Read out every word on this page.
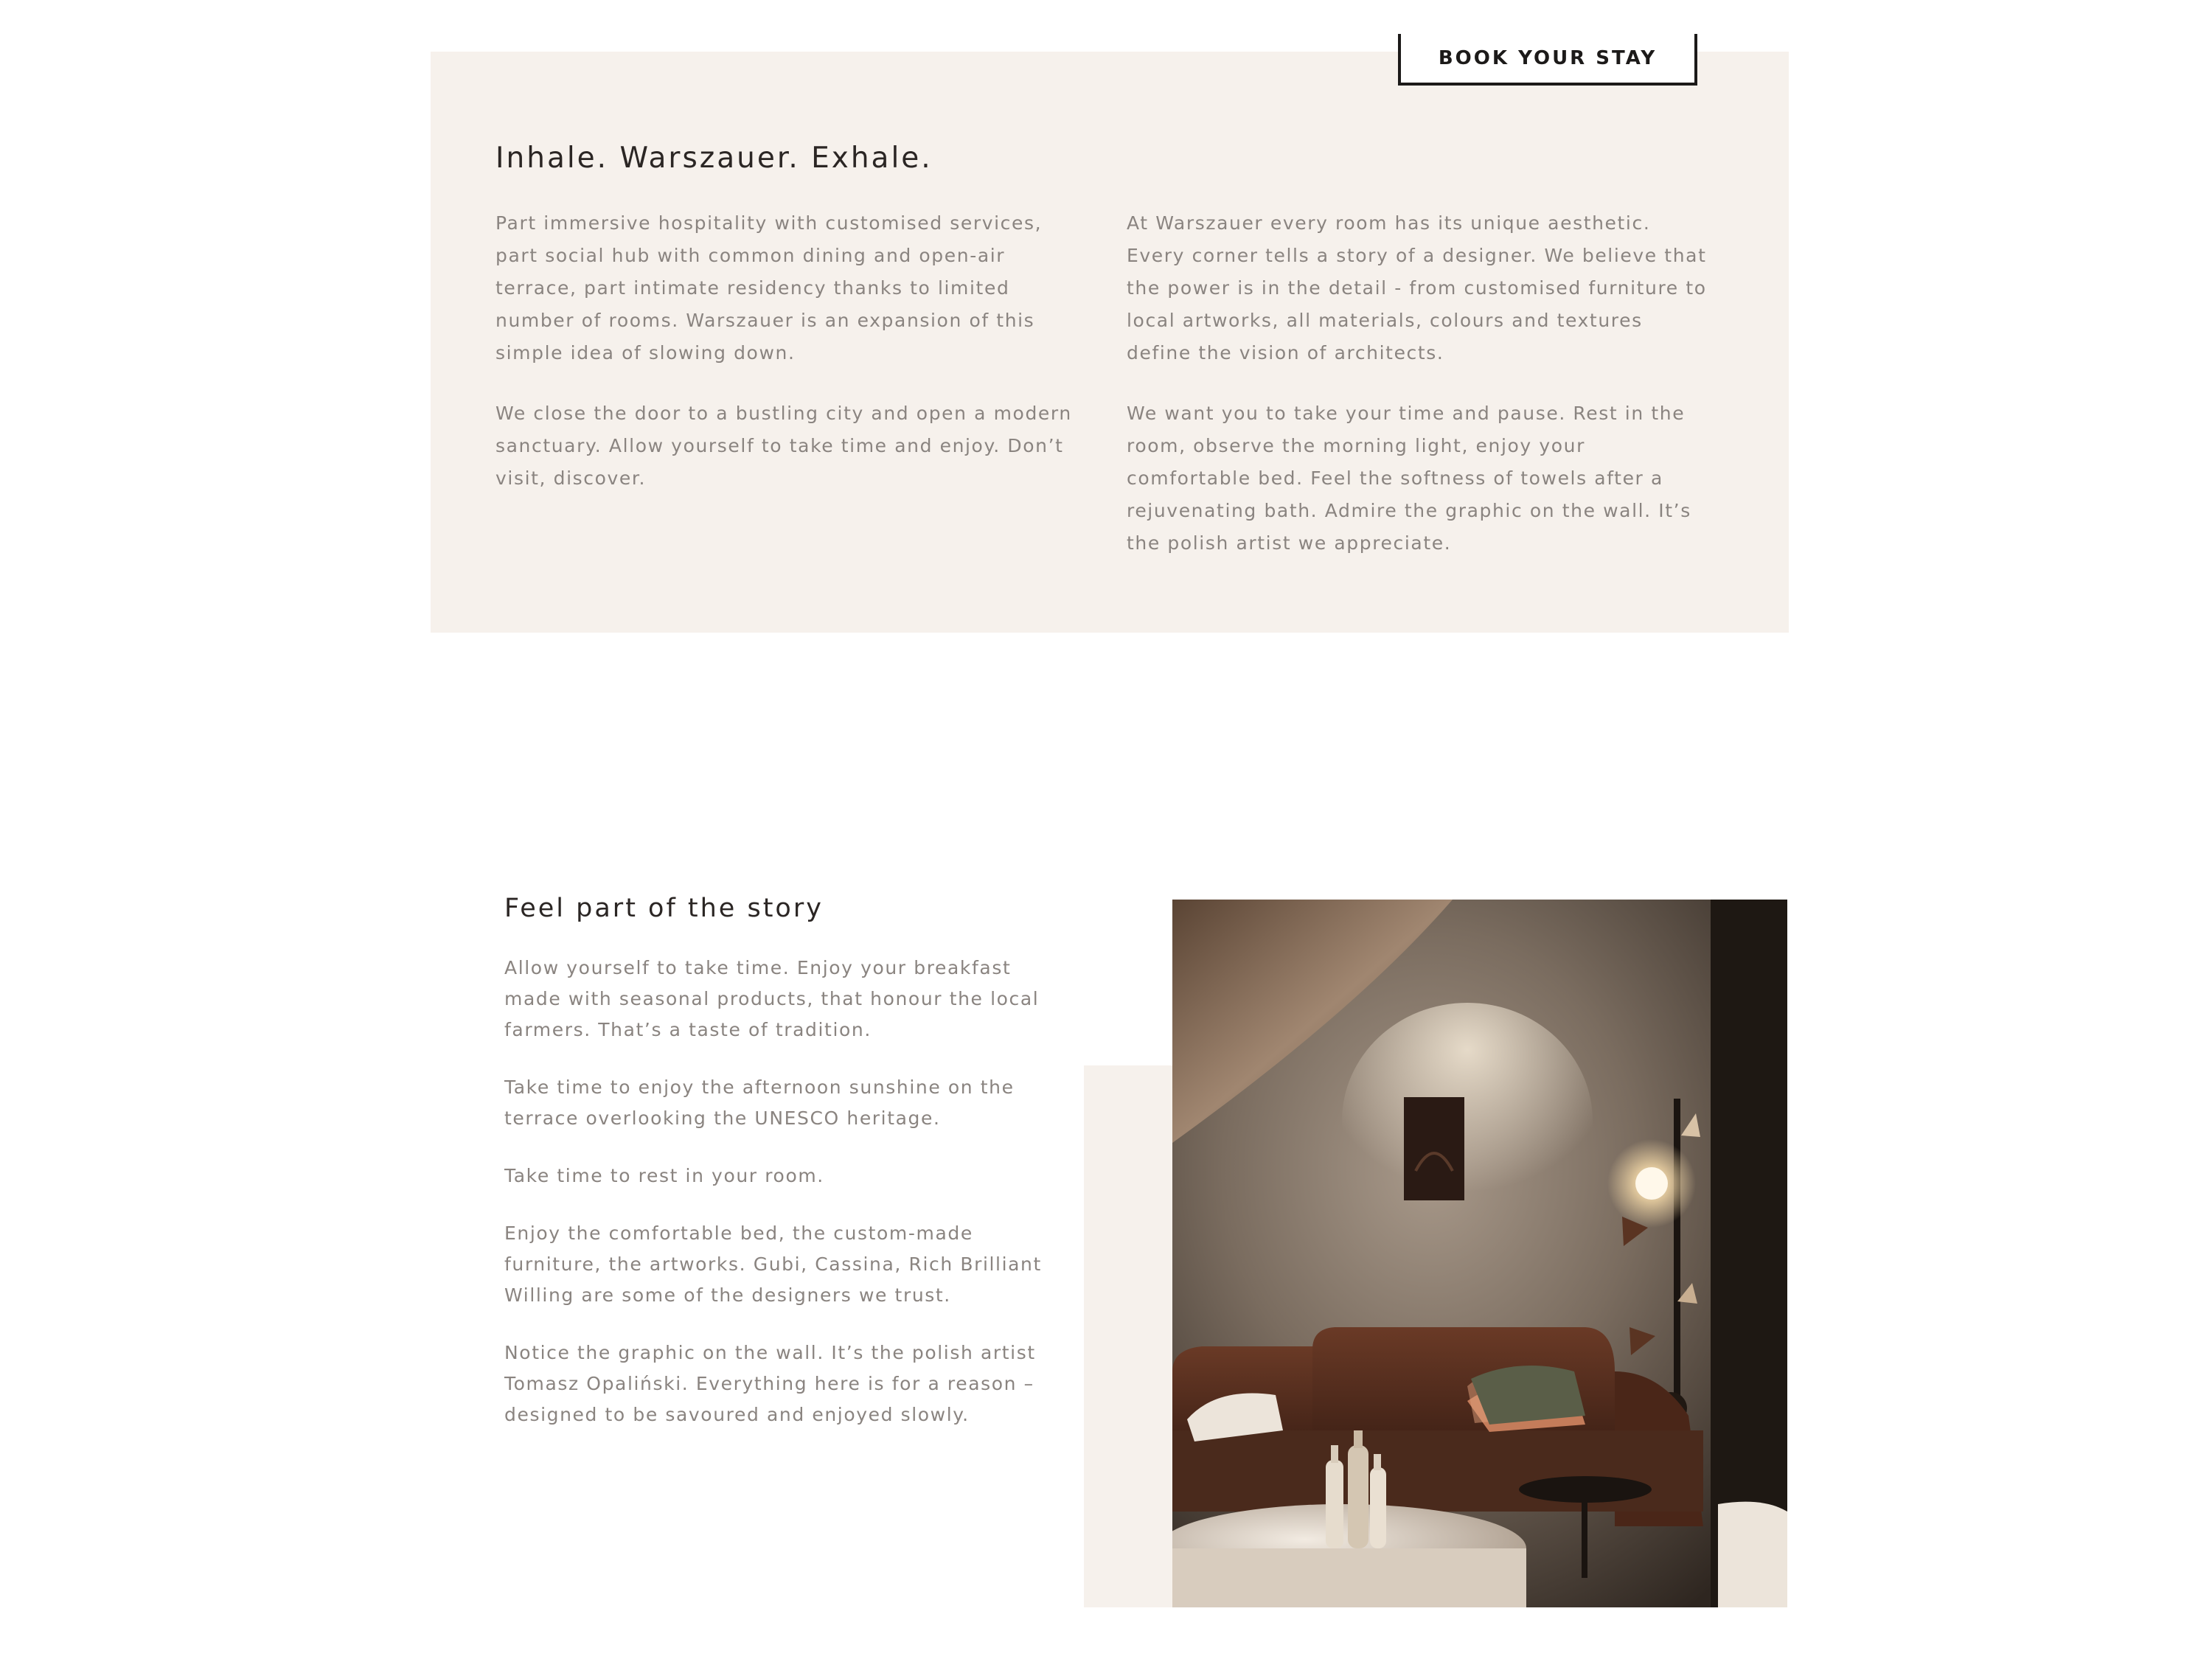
BOOK YOUR STAY
Inhale. Warszauer. Exhale.

Part immersive hospitality with customised services, part social hub with common dining and open-air terrace, part intimate residency thanks to limited number of rooms. Warszauer is an expansion of this simple idea of slowing down.

We close the door to a bustling city and open a modern sanctuary. Allow yourself to take time and enjoy. Don’t visit, discover.

At Warszauer every room has its unique aesthetic. Every corner tells a story of a designer. We believe that the power is in the detail - from customised furniture to local artworks, all materials, colours and textures define the vision of architects.

We want you to take your time and pause. Rest in the room, observe the morning light, enjoy your comfortable bed. Feel the softness of towels after a rejuvenating bath. Admire the graphic on the wall. It’s the polish artist we appreciate.

Feel part of the story

Allow yourself to take time. Enjoy your breakfast made with seasonal products, that honour the local farmers. That’s a taste of tradition.

Take time to enjoy the afternoon sunshine on the terrace overlooking the UNESCO heritage.

Take time to rest in your room.

Enjoy the comfortable bed, the custom-made furniture, the artworks. Gubi, Cassina, Rich Brilliant Willing are some of the designers we trust.

Notice the graphic on the wall. It’s the polish artist Tomasz Opaliński. Everything here is for a reason – designed to be savoured and enjoyed slowly.
